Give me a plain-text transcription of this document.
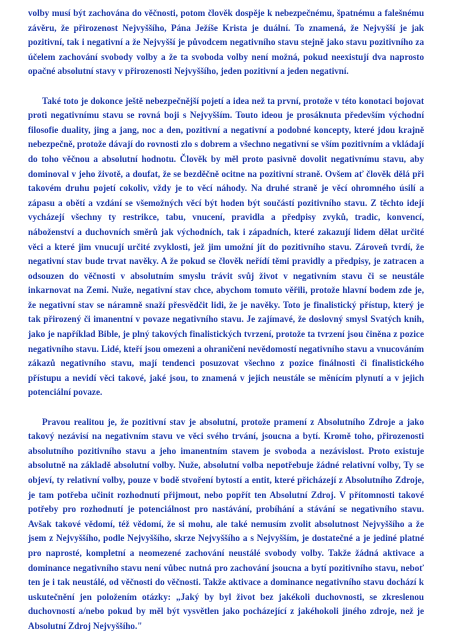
volby musí být zachována do věčnosti, potom člověk dospěje k nebezpečnému, špatnému a falešnému závěru, že přirozenost Nejvyššího, Pána Ježíše Krista je duální. To znamená, že Nejvyšší je jak pozitivní, tak i negativní a že Nejvyšší je původcem negativního stavu stejně jako stavu pozitivního za účelem zachování svobody volby a že ta svoboda volby není možná, pokud neexistují dva naprosto opačné absolutní stavy v přirozenosti Nejvyššího, jeden pozitivní a jeden negativní.

Také toto je dokonce ještě nebezpečnější pojetí a idea než ta první, protože v této konotaci bojovat proti negativnímu stavu se rovná boji s Nejvyšším. Touto ideou je prosáknuta především východní filosofie duality, jing a jang, noc a den, pozitivní a negativní a podobné koncepty, které jdou krajně nebezpečně, protože dávají do rovnosti zlo s dobrem a všechno negativní se vším pozitivním a vkládají do toho věčnou a absolutní hodnotu. Člověk by měl proto pasivně dovolit negativnímu stavu, aby dominoval v jeho životě, a doufat, že se bezděčně ocitne na pozitivní straně. Ovšem ať člověk dělá při takovém druhu pojetí cokoliv, vždy je to věcí náhody. Na druhé straně je věcí ohromného úsilí a zápasu a obětí a vzdání se všemožných věcí být hoden být součástí pozitivního stavu. Z těchto idejí vycházejí všechny ty restrikce, tabu, vnucení, pravidla a předpisy zvyků, tradic, konvencí, náboženství a duchovních směrů jak východních, tak i západních, které zakazují lidem dělat určité věci a které jim vnucují určité zvyklosti, jež jim umožní jít do pozitivního stavu. Zároveň tvrdí, že negativní stav bude trvat navěky. A že pokud se člověk neřídí těmi pravidly a předpisy, je zatracen a odsouzen do věčnosti v absolutním smyslu trávit svůj život v negativním stavu či se neustále inkarnovat na Zemi. Nuže, negativní stav chce, abychom tomuto věřili, protože hlavní bodem zde je, že negativní stav se náramně snaží přesvědčit lidi, že je navěky. Toto je finalistický přístup, který je tak přirozený či imanentní v povaze negativního stavu. Je zajímavé, že doslovný smysl Svatých knih, jako je například Bible, je plný takových finalistických tvrzení, protože ta tvrzení jsou činěna z pozice negativního stavu. Lidé, kteří jsou omezeni a ohraničeni nevědomostí negativního stavu a vnucováním zákazů negativního stavu, mají tendenci posuzovat všechno z pozice finálnosti či finalistického přístupu a nevidí věci takové, jaké jsou, to znamená v jejich neustále se měnícím plynutí a v jejich potenciální povaze.

Pravou realitou je, že pozitivní stav je absolutní, protože pramení z Absolutního Zdroje a jako takový nezávisí na negativním stavu ve věci svého trvání, jsoucna a bytí. Kromě toho, přirozenosti absolutního pozitivního stavu a jeho imanentním stavem je svoboda a nezávislost. Proto existuje absolutně na základě absolutní volby. Nuže, absolutní volba nepotřebuje žádné relativní volby, Ty se objeví, ty relativní volby, pouze v bodě stvoření bytostí a entit, které přicházejí z Absolutního Zdroje, je tam potřeba učinit rozhodnutí přijmout, nebo popřít ten Absolutní Zdroj. V přítomnosti takové potřeby pro rozhodnutí je potenciálnost pro nastávání, probíhání a stávání se negativního stavu. Avšak takové vědomí, též vědomí, že si mohu, ale také nemusím zvolit absolutnost Nejvyššího a že jsem z Nejvyššího, podle Nejvyššího, skrze Nejvyššího a s Nejvyšším, je dostatečné a je jediné platné pro naprosté, kompletní a neomezené zachování neustálé svobody volby. Takže žádná aktivace a dominance negativního stavu není vůbec nutná pro zachování jsoucna a bytí pozitivního stavu, neboť ten je i tak neustálé, od věčnosti do věčnosti. Takže aktivace a dominance negativního stavu dochází k uskutečnění jen položením otázky: „Jaký by byl život bez jakékoli duchovnosti, se zkreslenou duchovností a/nebo pokud by měl být vysvětlen jako pocházející z jakéhokoli jiného zdroje, než je Absolutní Zdroj Nejvyššího."
